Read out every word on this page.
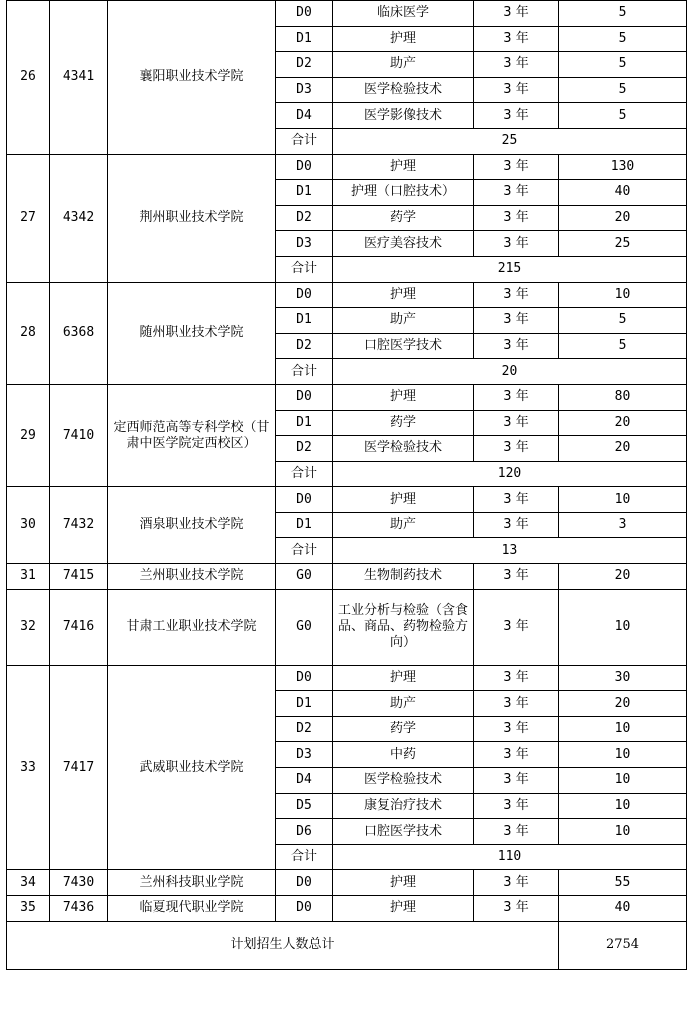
26	4341	襄阳职业技术学院	D0	临床医学	3 年	5
			D1	护理	3 年	5
			D2	助产	3 年	5
			D3	医学检验技术	3 年	5
			D4	医学影像技术	3 年	5
			合计	25		
27	4342	荆州职业技术学院	D0	护理	3 年	130
			D1	护理（口腔技术）	3 年	40
			D2	药学	3 年	20
			D3	医疗美容技术	3 年	25
			合计	215		
28	6368	随州职业技术学院	D0	护理	3 年	10
			D1	助产	3 年	5
			D2	口腔医学技术	3 年	5
			合计	20		
29	7410	定西师范高等专科学校（甘肃中医学院定西校区）	D0	护理	3 年	80
			D1	药学	3 年	20
			D2	医学检验技术	3 年	20
			合计	120		
30	7432	酒泉职业技术学院	D0	护理	3 年	10
			D1	助产	3 年	3
			合计	13		
31	7415	兰州职业技术学院	G0	生物制药技术	3 年	20
32	7416	甘肃工业职业技术学院	G0	工业分析与检验（含食品、商品、药物检验方向）	3 年	10
33	7417	武威职业技术学院	D0	护理	3 年	30
			D1	助产	3 年	20
			D2	药学	3 年	10
			D3	中药	3 年	10
			D4	医学检验技术	3 年	10
			D5	康复治疗技术	3 年	10
			D6	口腔医学技术	3 年	10
			合计	110		
34	7430	兰州科技职业学院	D0	护理	3 年	55
35	7436	临夏现代职业学院	D0	护理	3 年	40
计划招生人数总计						2754
